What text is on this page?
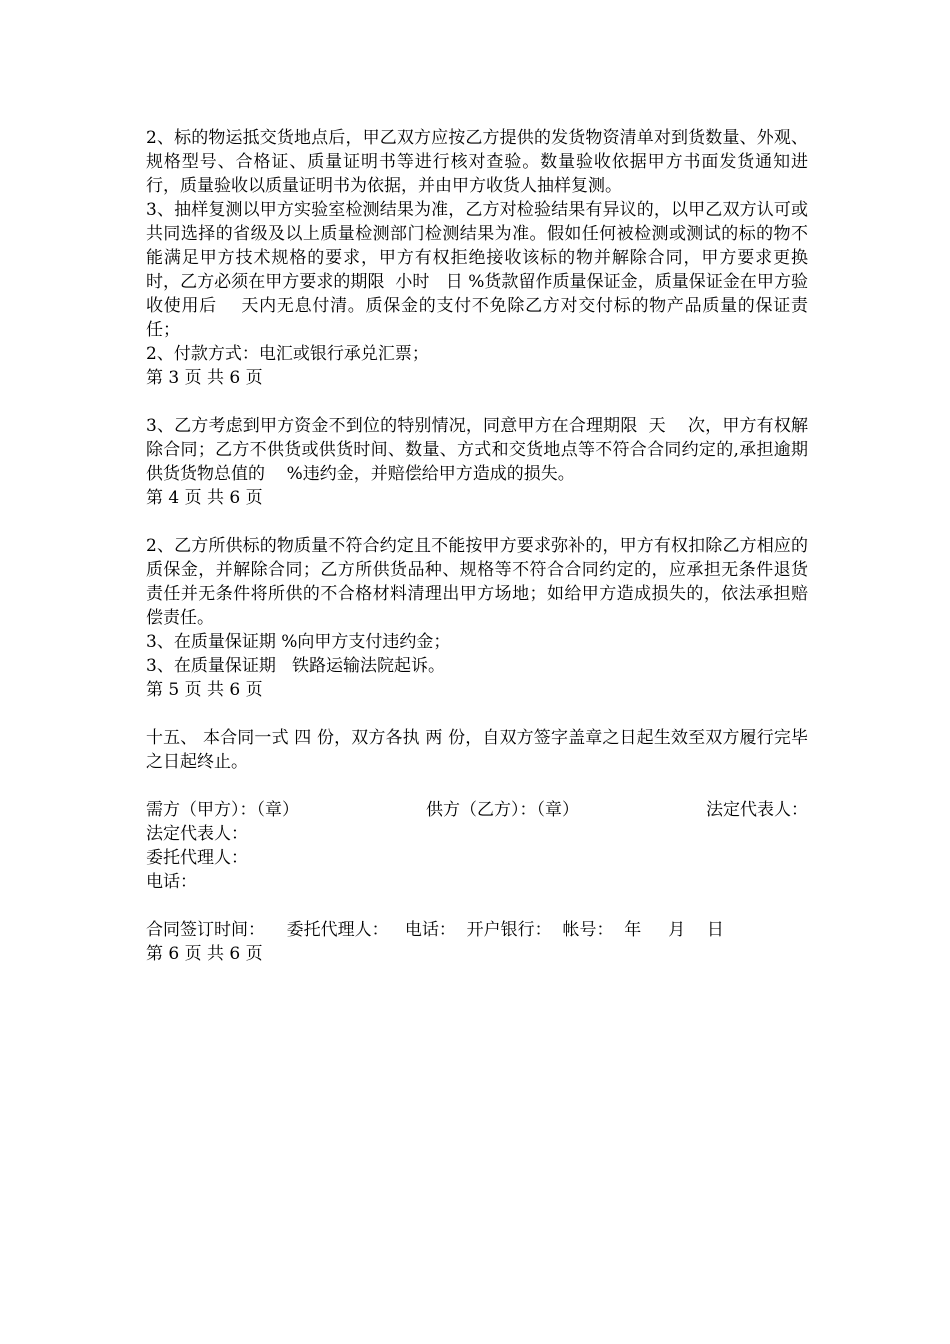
2、标的物运抵交货地点后，甲乙双方应按乙方提供的发货物资清单对到货数量、外观、规格型号、合格证、质量证明书等进行核对查验。数量验收依据甲方书面发货通知进行，质量验收以质量证明书为依据，并由甲方收货人抽样复测。

3、抽样复测以甲方实验室检测结果为准，乙方对检验结果有异议的，以甲乙双方认可或共同选择的省级及以上质量检测部门检测结果为准。假如任何被检测或测试的标的物不能满足甲方技术规格的要求，甲方有权拒绝接收该标的物并解除合同，甲方要求更换时，乙方必须在甲方要求的期限  小时   日 %货款留作质量保证金，质量保证金在甲方验收使用后    天内无息付清。质保金的支付不免除乙方对交付标的物产品质量的保证责任；

2、付款方式：电汇或银行承兑汇票；

第 3 页 共 6 页

3、乙方考虑到甲方资金不到位的特别情况，同意甲方在合理期限  天    次，甲方有权解除合同；乙方不供货或供货时间、数量、方式和交货地点等不符合合同约定的,承担逾期供货货物总值的    %违约金，并赔偿给甲方造成的损失。

第 4 页 共 6 页

2、乙方所供标的物质量不符合约定且不能按甲方要求弥补的，甲方有权扣除乙方相应的质保金，并解除合同；乙方所供货品种、规格等不符合合同约定的，应承担无条件退货责任并无条件将所供的不合格材料清理出甲方场地；如给甲方造成损失的，依法承担赔偿责任。

3、在质量保证期 %向甲方支付违约金；

3、在质量保证期   铁路运输法院起诉。

第 5 页 共 6 页

十五、 本合同一式 四 份，双方各执 两 份，自双方签字盖章之日起生效至双方履行完毕之日起终止。

需方（甲方）：（章）	供方（乙方）：（章）	法定代表人：

法定代表人：

委托代理人：

电话：

合同签订时间：    委托代理人：   电话：  开户银行：  帐号：  年     月    日

第 6 页 共 6 页
